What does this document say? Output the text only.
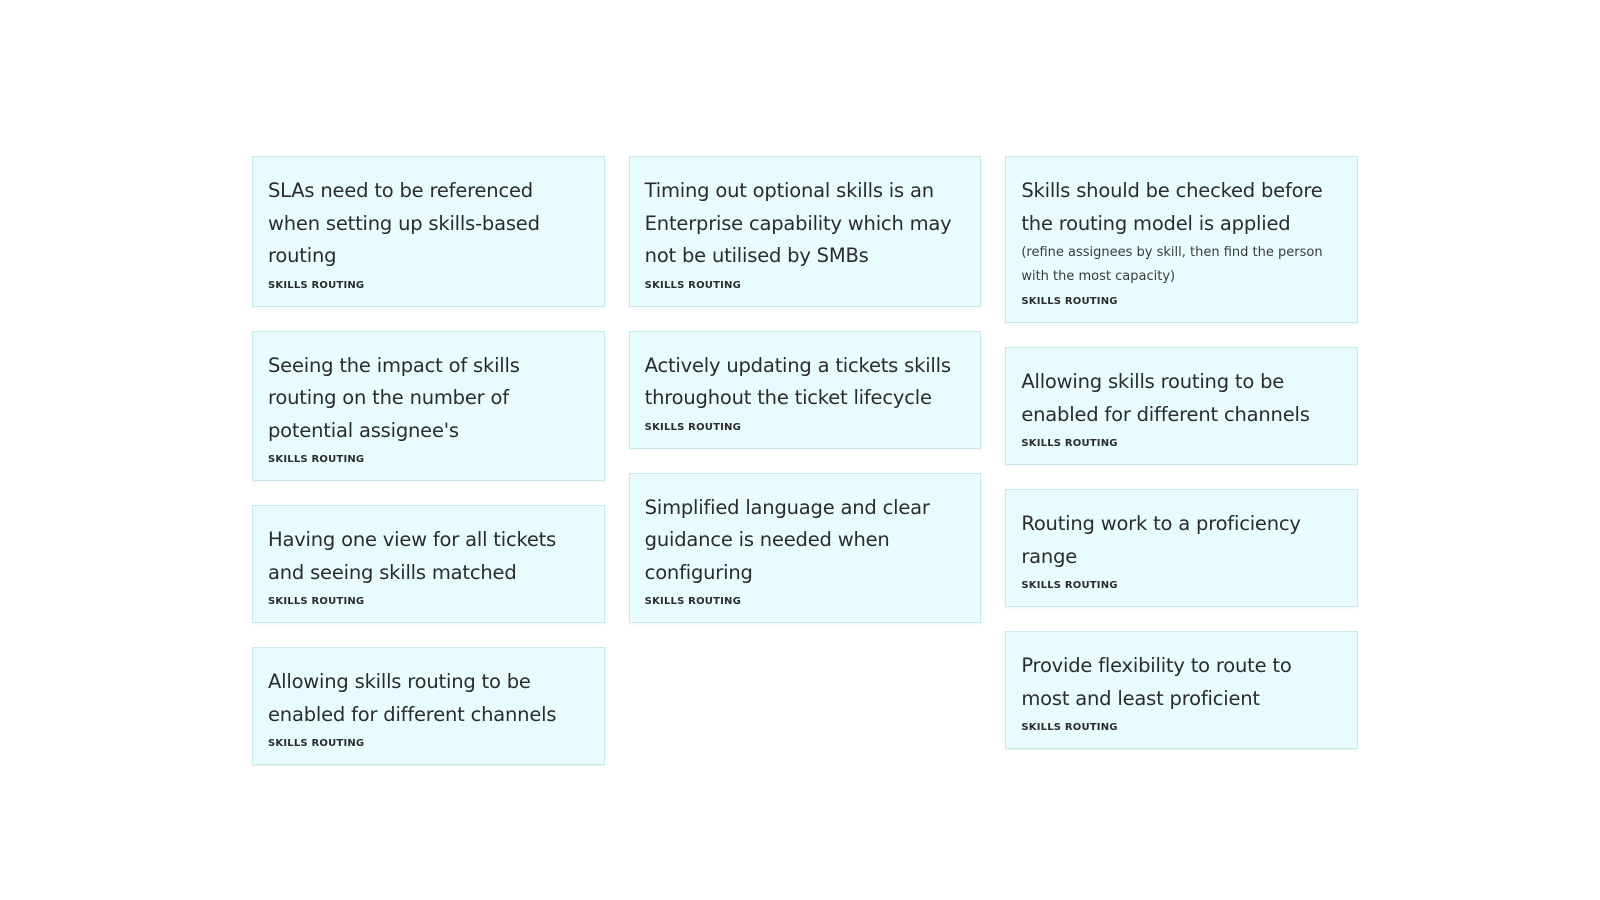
SLAs need to be referenced when setting up skills-based routing
SKILLS ROUTING
Seeing the impact of skills routing on the number of potential assignee's
SKILLS ROUTING
Having one view for all tickets and seeing skills matched
SKILLS ROUTING
Allowing skills routing to be enabled for different channels
SKILLS ROUTING
Timing out optional skills is an Enterprise capability which may not be utilised by SMBs
SKILLS ROUTING
Actively updating a tickets skills throughout the ticket lifecycle
SKILLS ROUTING
Simplified language and clear guidance is needed when configuring
SKILLS ROUTING
Skills should be checked before the routing model is applied
(refine assignees by skill, then find the person with the most capacity)
SKILLS ROUTING
Allowing skills routing to be enabled for different channels
SKILLS ROUTING
Routing work to a proficiency range
SKILLS ROUTING
Provide flexibility to route to most and least proficient
SKILLS ROUTING
